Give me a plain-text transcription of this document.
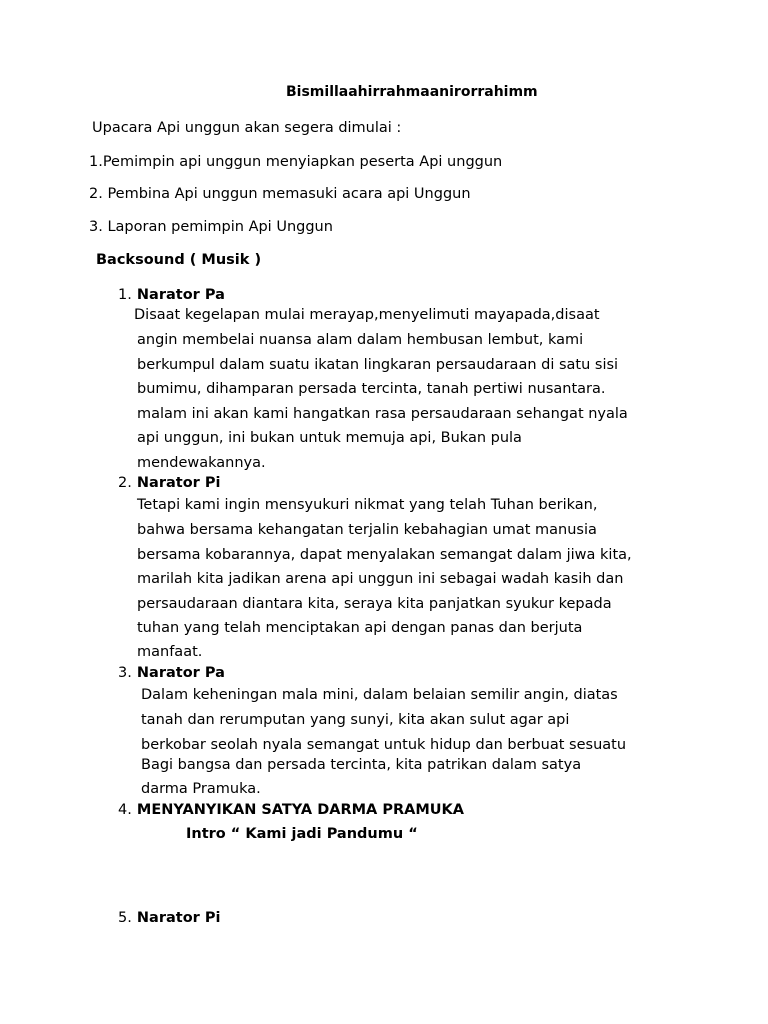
Bismillaahirrahmaanirorrahimm
Upacara Api unggun akan segera dimulai :
1.Pemimpin api unggun menyiapkan peserta Api unggun
2. Pembina Api unggun memasuki acara api Unggun
3. Laporan pemimpin Api Unggun
Backsound ( Musik )
1. Narator Pa
Disaat kegelapan mulai merayap,menyelimuti mayapada,disaat
angin membelai nuansa alam dalam hembusan lembut, kami
berkumpul dalam suatu ikatan lingkaran persaudaraan di satu sisi
bumimu, dihamparan persada tercinta, tanah pertiwi nusantara.
malam ini akan kami hangatkan rasa persaudaraan sehangat nyala
api unggun, ini bukan untuk memuja api, Bukan pula
mendewakannya.
2. Narator Pi
Tetapi kami ingin mensyukuri nikmat yang telah Tuhan berikan,
bahwa bersama kehangatan terjalin kebahagian umat manusia
bersama kobarannya, dapat menyalakan semangat dalam jiwa kita,
marilah kita jadikan arena api unggun ini sebagai wadah kasih dan
persaudaraan diantara kita, seraya kita panjatkan syukur kepada
tuhan yang telah menciptakan api dengan panas dan berjuta
manfaat.
3. Narator Pa
Dalam keheningan mala mini, dalam belaian semilir angin, diatas
tanah dan rerumputan yang sunyi, kita akan sulut agar api
berkobar seolah nyala semangat untuk hidup dan berbuat sesuatu
Bagi bangsa dan persada tercinta, kita patrikan dalam satya
darma Pramuka.
4. MENYANYIKAN SATYA DARMA PRAMUKA
Intro “ Kami jadi Pandumu “
5. Narator Pi
